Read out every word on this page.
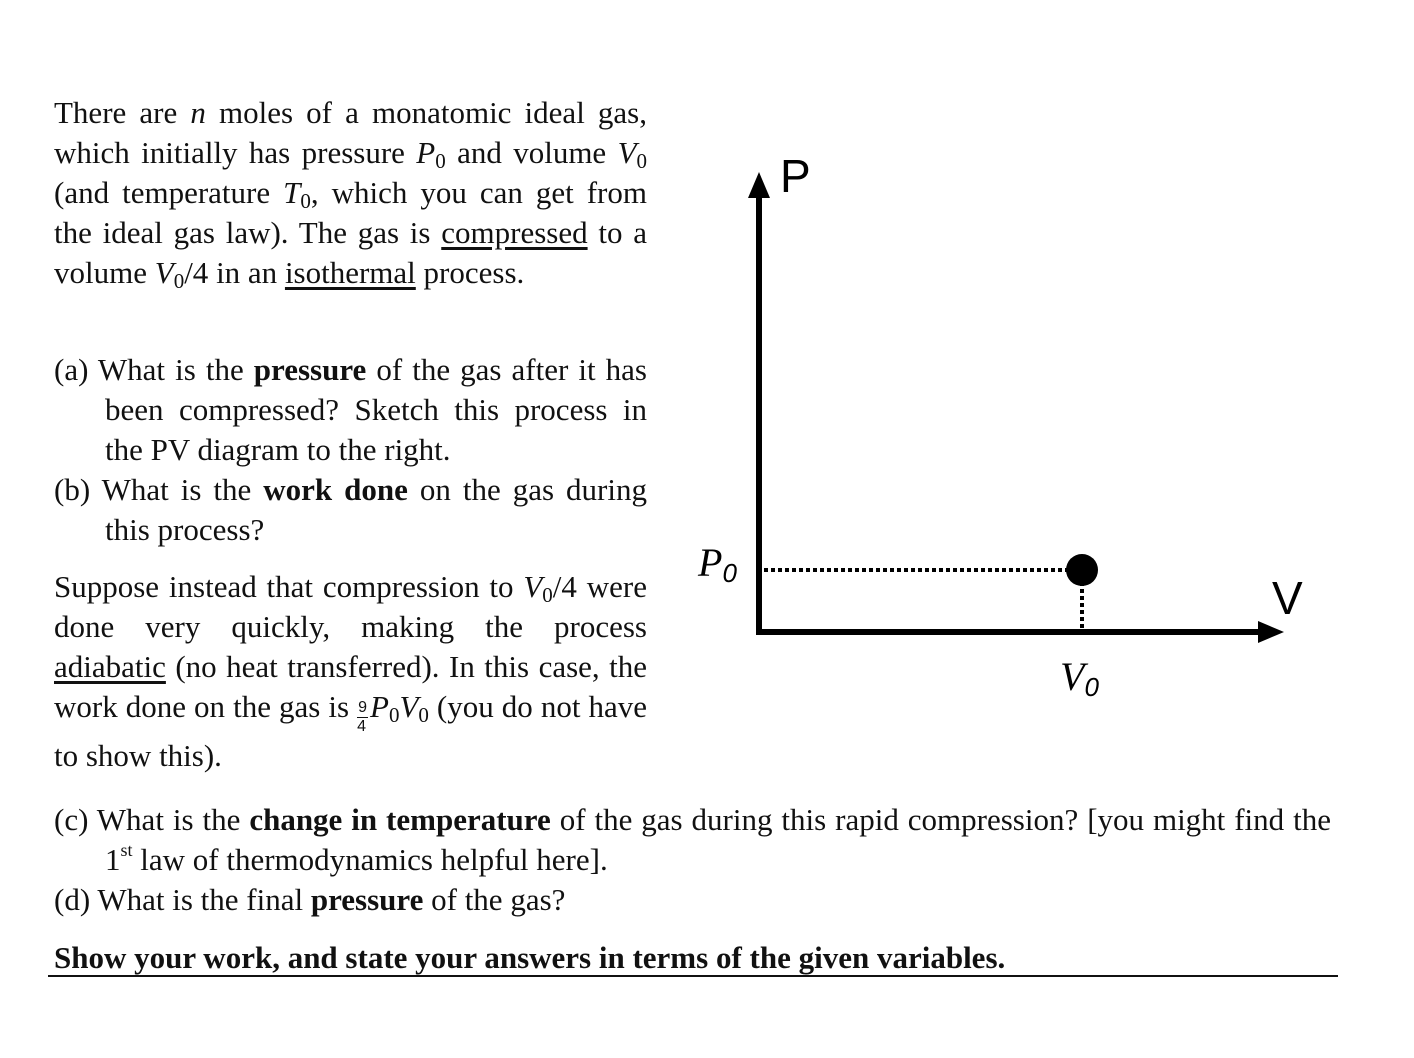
There are n moles of a monatomic ideal gas, which initially has pressure $P_0$ and volume $V_0$ (and temperature $T_0$, which you can get from the ideal gas law). The gas is compressed to a volume $V_0/4$ in an isothermal process.
(a) What is the pressure of the gas after it has been compressed? Sketch this process in the PV diagram to the right.
(b) What is the work done on the gas during this process?
Suppose instead that compression to $V_0/4$ were done very quickly, making the process adiabatic (no heat transferred). In this case, the work done on the gas is $\frac{9}{4} P_0V_0$ (you do not have to show this).
(c) What is the change in temperature of the gas during this rapid compression? [you might find the 1st law of thermodynamics helpful here].
(d) What is the final pressure of the gas?
Show your work, and state your answers in terms of the given variables.
P
V
P0
V0
